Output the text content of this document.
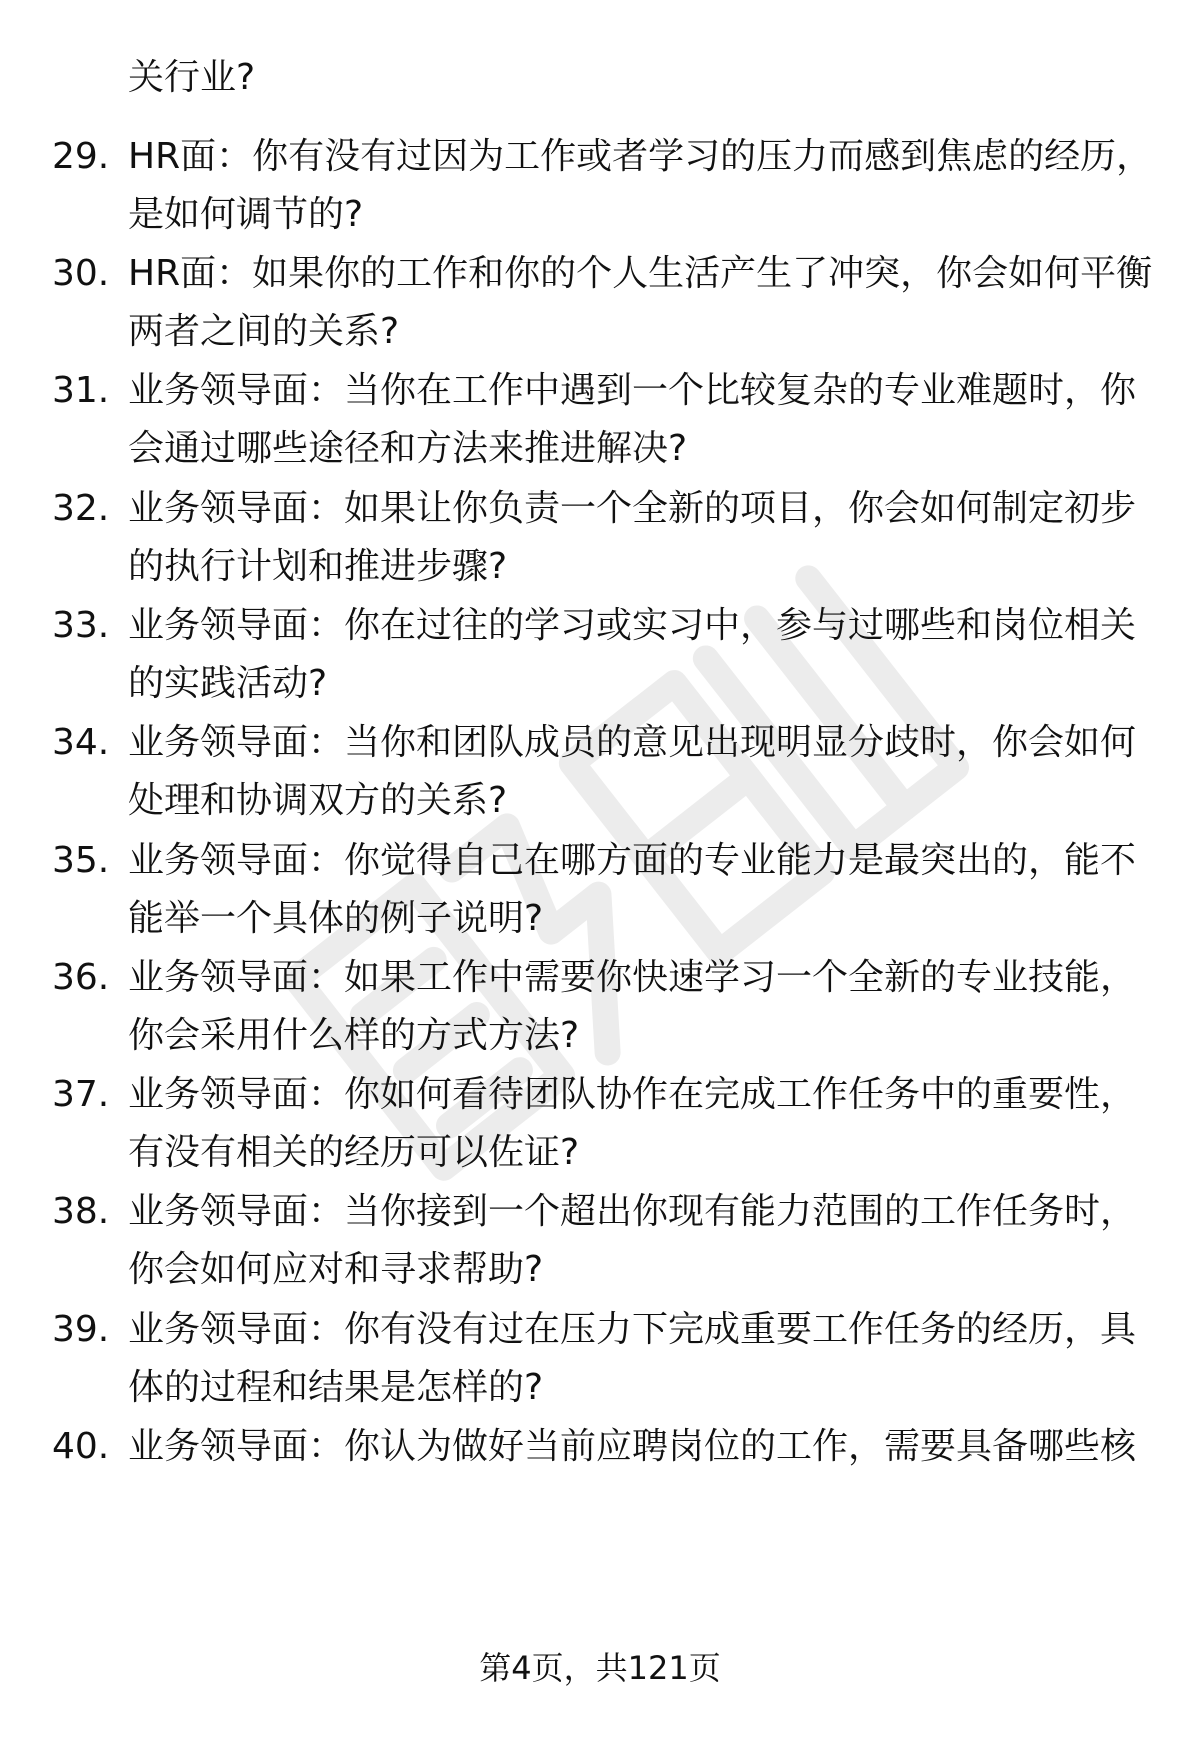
关行业?
29. HR面：你有没有过因为工作或者学习的压力而感到焦虑的经历，
是如何调节的?
30. HR面：如果你的工作和你的个人生活产生了冲突，你会如何平衡
两者之间的关系?
31. 业务领导面：当你在工作中遇到一个比较复杂的专业难题时，你
会通过哪些途径和方法来推进解决?
32. 业务领导面：如果让你负责一个全新的项目，你会如何制定初步
的执行计划和推进步骤?
33. 业务领导面：你在过往的学习或实习中，参与过哪些和岗位相关
的实践活动?
34. 业务领导面：当你和团队成员的意见出现明显分歧时，你会如何
处理和协调双方的关系?
35. 业务领导面：你觉得自己在哪方面的专业能力是最突出的，能不
能举一个具体的例子说明?
36. 业务领导面：如果工作中需要你快速学习一个全新的专业技能，
你会采用什么样的方式方法?
37. 业务领导面：你如何看待团队协作在完成工作任务中的重要性，
有没有相关的经历可以佐证?
38. 业务领导面：当你接到一个超出你现有能力范围的工作任务时，
你会如何应对和寻求帮助?
39. 业务领导面：你有没有过在压力下完成重要工作任务的经历，具
体的过程和结果是怎样的?
40. 业务领导面：你认为做好当前应聘岗位的工作，需要具备哪些核
第4页，共121页
